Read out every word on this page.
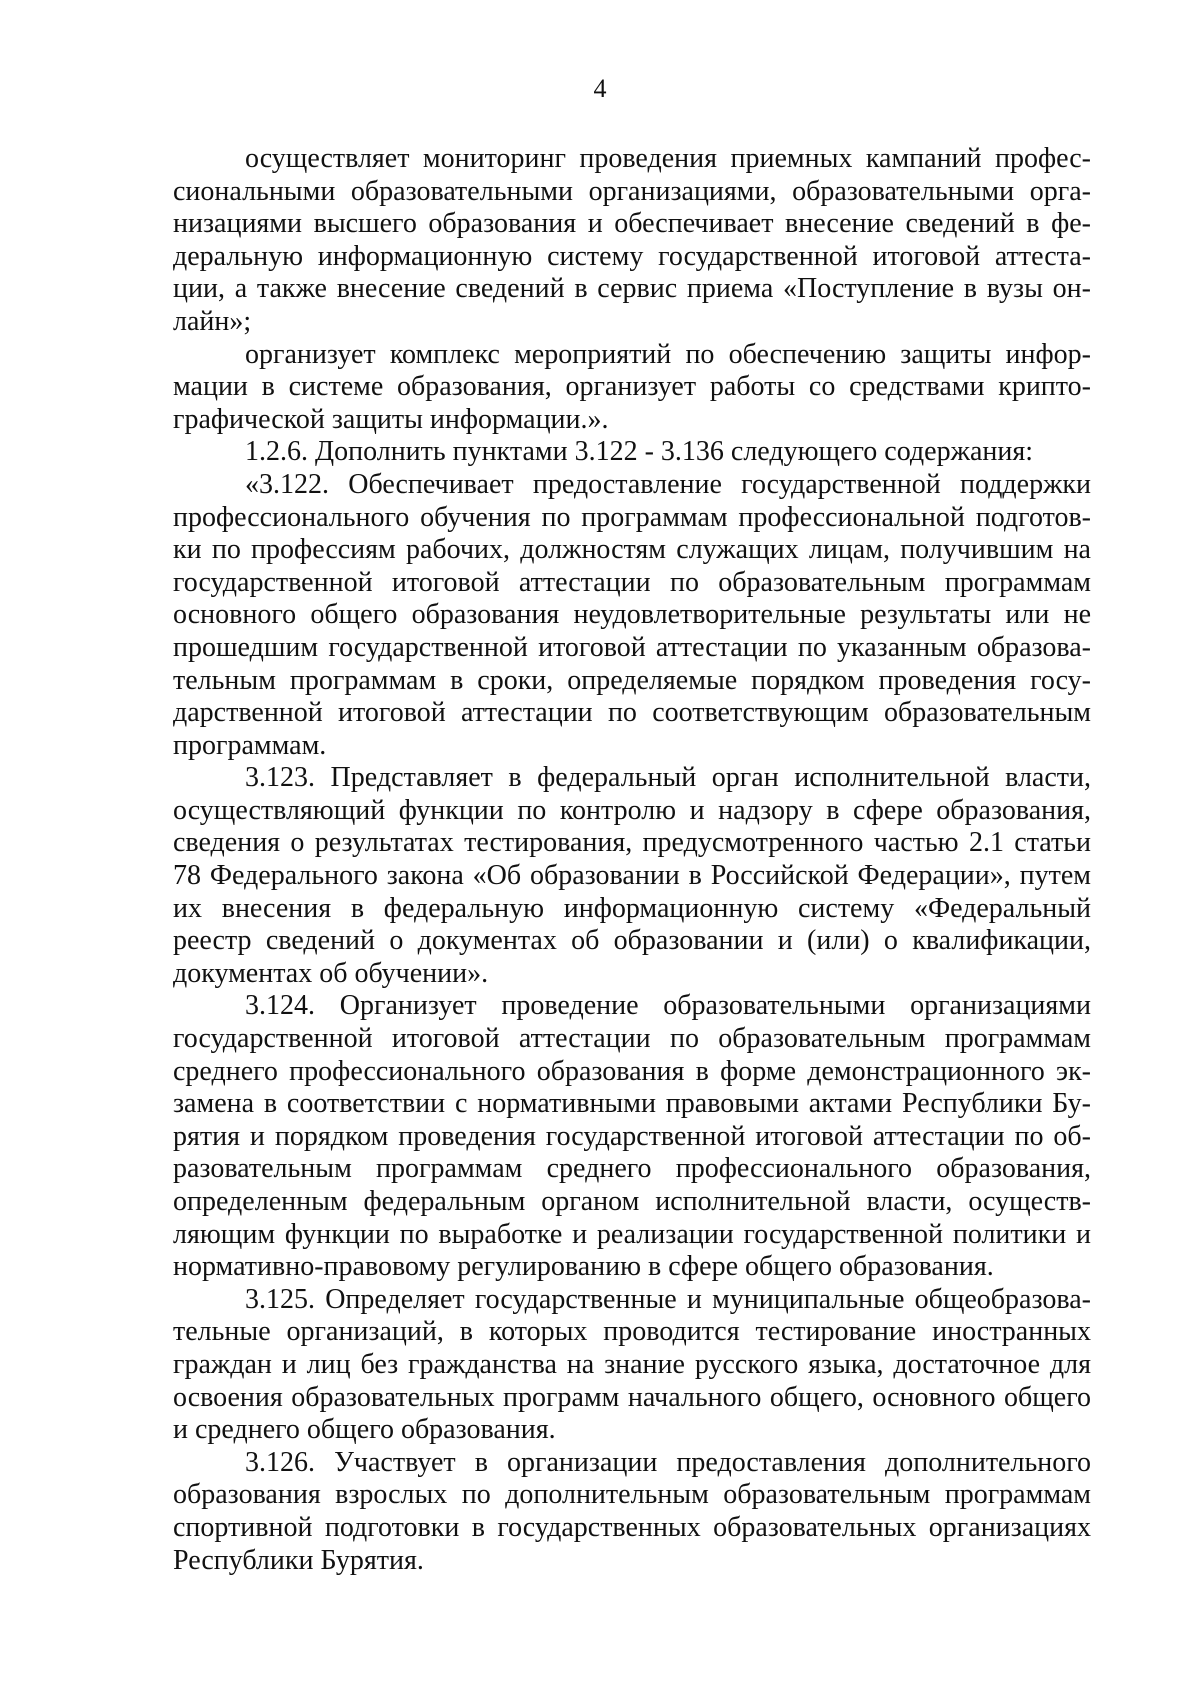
4

осуществляет мониторинг проведения приемных кампаний профессиональными образовательными организациями, образовательными организациями высшего образования и обеспечивает внесение сведений в федеральную информационную систему государственной итоговой аттестации, а также внесение сведений в сервис приема «Поступление в вузы онлайн»;

организует комплекс мероприятий по обеспечению защиты информации в системе образования, организует работы со средствами криптографической защиты информации.».

1.2.6. Дополнить пунктами 3.122 - 3.136 следующего содержания:

«3.122. Обеспечивает предоставление государственной поддержки профессионального обучения по программам профессиональной подготовки по профессиям рабочих, должностям служащих лицам, получившим на государственной итоговой аттестации по образовательным программам основного общего образования неудовлетворительные результаты или не прошедшим государственной итоговой аттестации по указанным образовательным программам в сроки, определяемые порядком проведения государственной итоговой аттестации по соответствующим образовательным программам.

3.123. Представляет в федеральный орган исполнительной власти, осуществляющий функции по контролю и надзору в сфере образования, сведения о результатах тестирования, предусмотренного частью 2.1 статьи 78 Федерального закона «Об образовании в Российской Федерации», путем их внесения в федеральную информационную систему «Федеральный реестр сведений о документах об образовании и (или) о квалификации, документах об обучении».

3.124. Организует проведение образовательными организациями государственной итоговой аттестации по образовательным программам среднего профессионального образования в форме демонстрационного экзамена в соответствии с нормативными правовыми актами Республики Бурятия и порядком проведения государственной итоговой аттестации по образовательным программам среднего профессионального образования, определенным федеральным органом исполнительной власти, осуществляющим функции по выработке и реализации государственной политики и нормативно-правовому регулированию в сфере общего образования.

3.125. Определяет государственные и муниципальные общеобразовательные организаций, в которых проводится тестирование иностранных граждан и лиц без гражданства на знание русского языка, достаточное для освоения образовательных программ начального общего, основного общего и среднего общего образования.

3.126. Участвует в организации предоставления дополнительного образования взрослых по дополнительным образовательным программам спортивной подготовки в государственных образовательных организациях Республики Бурятия.
